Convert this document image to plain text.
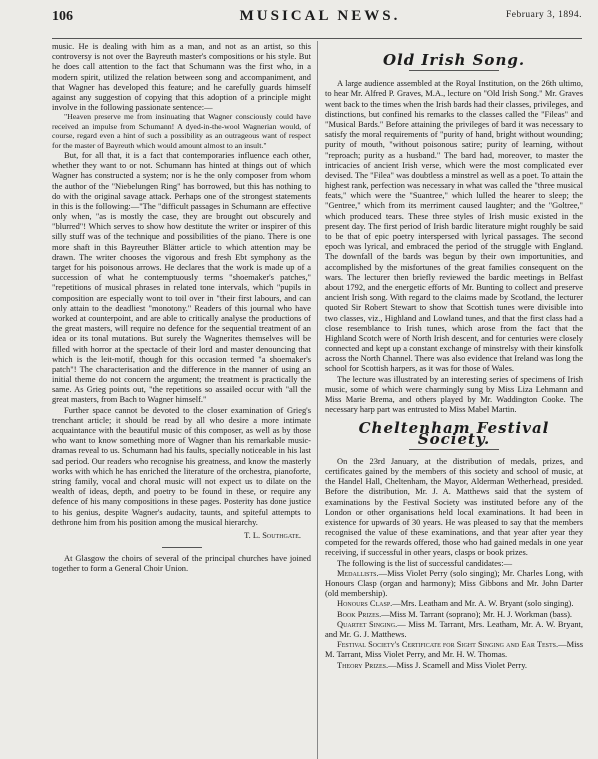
106	MUSICAL NEWS.	February 3, 1894.

music. He is dealing with him as a man, and not as an artist, so this controversy is not over the Bayreuth master's compositions or his style. But he does call attention to the fact that Schumann was the first who, in a modern spirit, utilized the relation between song and accompaniment, and that Wagner has developed this feature; and he carefully guards himself against any suggestion of copying that this adoption of a principle might involve in the following passionate sentence:—

"Heaven preserve me from insinuating that Wagner consciously could have received an impulse from Schumann! A dyed-in-the-wool Wagnerian would, of course, regard even a hint of such a possibility as an outrageous want of respect for the master of Bayreuth which would amount almost to an insult."

But, for all that, it is a fact that contemporaries influence each other, whether they want to or not. Schumann has hinted at things out of which Wagner has constructed a system; nor is he the only composer from whom the author of the "Niebelungen Ring" has borrowed, but this has nothing to do with the original savage attack. Perhaps one of the strongest statements in this is the following:—"The "difficult passages in Schumann are effective only when, "as is mostly the case, they are brought out obscurely and "blurred"! Which serves to show how destitute the writer or inspirer of this silly stuff was of the technique and possibilities of the piano. There is one more shaft in this Bayreuther Blätter article to which attention may be drawn. The writer chooses the vigorous and fresh Ebt symphony as the target for his poisonous arrows. He declares that the work is made up of a succession of what he contemptuously terms "shoemaker's patches," "repetitions of musical phrases in related tone intervals, which "pupils in composition are especially wont to toil over in "their first labours, and can only attain to the deadliest "monotony." Readers of this journal who have worked at counterpoint, and are able to critically analyse the productions of the great masters, will require no defence for the sequential treatment of an idea or its tonal mutations. But surely the Wagnerites themselves will be filled with horror at the spectacle of their lord and master denouncing that which is the leit-motif, though for this occasion termed "a shoemaker's patch"! The characterisation and the difference in the manner of using an initial theme do not concern the argument; the treatment is practically the same. As Grieg points out, "the repetitions so assailed occur with "all the great masters, from Bach to Wagner himself."

Further space cannot be devoted to the closer examination of Grieg's trenchant article; it should be read by all who desire a more intimate acquaintance with the beautiful music of this composer, as well as by those who want to know something more of Wagner than his remarkable music-dramas reveal to us. Schumann had his faults, specially noticeable in his last sad period. Our readers who recognise his greatness, and know the masterly works with which he has enriched the literature of the orchestra, pianoforte, string family, vocal and choral music will not expect us to dilate on the wealth of ideas, depth, and poetry to be found in these, or require any defence of his many compositions in these pages. Posterity has done justice to his genius, despite Wagner's audacity, taunts, and spiteful attempts to dethrone him from his position among the musical hierarchy.

T. L. Southgate.

At Glasgow the choirs of several of the principal churches have joined together to form a General Choir Union.

Old Irish Song.

A large audience assembled at the Royal Institution, on the 26th ultimo, to hear Mr. Alfred P. Graves, M.A., lecture on "Old Irish Song." Mr. Graves went back to the times when the Irish bards had their classes, privileges, and distinctions, but confined his remarks to the classes called the "Fileas" and "Musical Bards." Before attaining the privileges of bard it was necessary to satisfy the moral requirements of "purity of hand, bright without wounding; purity of mouth, "without poisonous satire; purity of learning, without "reproach; purity as a husband." The bard had, moreover, to master the intricacies of ancient Irish verse, which were the most complicated ever devised. The "Filea" was doubtless a minstrel as well as a poet. To attain the highest rank, perfection was necessary in what was called the "three musical feats," which were the "Suantree," which lulled the hearer to sleep; the "Gentree," which from its merriment caused laughter; and the "Goltree," which produced tears. These three styles of Irish music existed in the present day. The first period of Irish bardic literature might roughly be said to be that of epic poetry interspersed with lyrical passages. The second epoch was lyrical, and embraced the period of the struggle with England. The downfall of the bards was begun by their own importunities, and accomplished by the misfortunes of the great families consequent on the wars. The lecturer then briefly reviewed the bardic meetings in Belfast about 1792, and the energetic efforts of Mr. Bunting to collect and preserve ancient Irish song. With regard to the claims made by Scotland, the lecturer quoted Sir Robert Stewart to show that Scottish tunes were divisible into two classes, viz., Highland and Lowland tunes, and that the first class had a close resemblance to Irish tunes, which arose from the fact that the Highland Scotch were of North Irish descent, and for centuries were closely connected and kept up a constant exchange of minstrelsy with their kinsfolk across the North Channel. There was also evidence that Ireland was long the school for Scottish harpers, as it was for those of Wales.

The lecture was illustrated by an interesting series of specimens of Irish music, some of which were charmingly sung by Miss Liza Lehmann and Miss Marie Brema, and others played by Mr. Waddington Cooke. The necessary harp part was entrusted to Miss Mabel Martin.

Cheltenham Festival Society.

On the 23rd January, at the distribution of medals, prizes, and certificates gained by the members of this society and school of music, at the Handel Hall, Cheltenham, the Mayor, Alderman Wetherhead, presided. Before the distribution, Mr. J. A. Matthews said that the system of examinations by the Festival Society was instituted before any of the London or other organisations held local examinations. It had been in existence for upwards of 30 years. He was pleased to say that the members recognised the value of these examinations, and that year after year they competed for the rewards offered, those who had gained medals in one year receiving, if successful in other years, clasps or book prizes.

The following is the list of successful candidates:—

Medallists.—Miss Violet Perry (solo singing); Mr. Charles Long, with Honours Clasp (organ and harmony); Miss Gibbons and Mr. John Darter (old membership).

Honours Clasp.—Mrs. Leatham and Mr. A. W. Bryant (solo singing).

Book Prizes.—Miss M. Tarrant (soprano); Mr. H. J. Workman (bass).

Quartet Singing.— Miss M. Tarrant, Mrs. Leatham, Mr. A. W. Bryant, and Mr. G. J. Matthews.

Festival Society's Certificate for Sight Singing and Ear Tests.—Miss M. Tarrant, Miss Violet Perry, and Mr. H. W. Thomas.

Theory Prizes.—Miss J. Scamell and Miss Violet Perry.
